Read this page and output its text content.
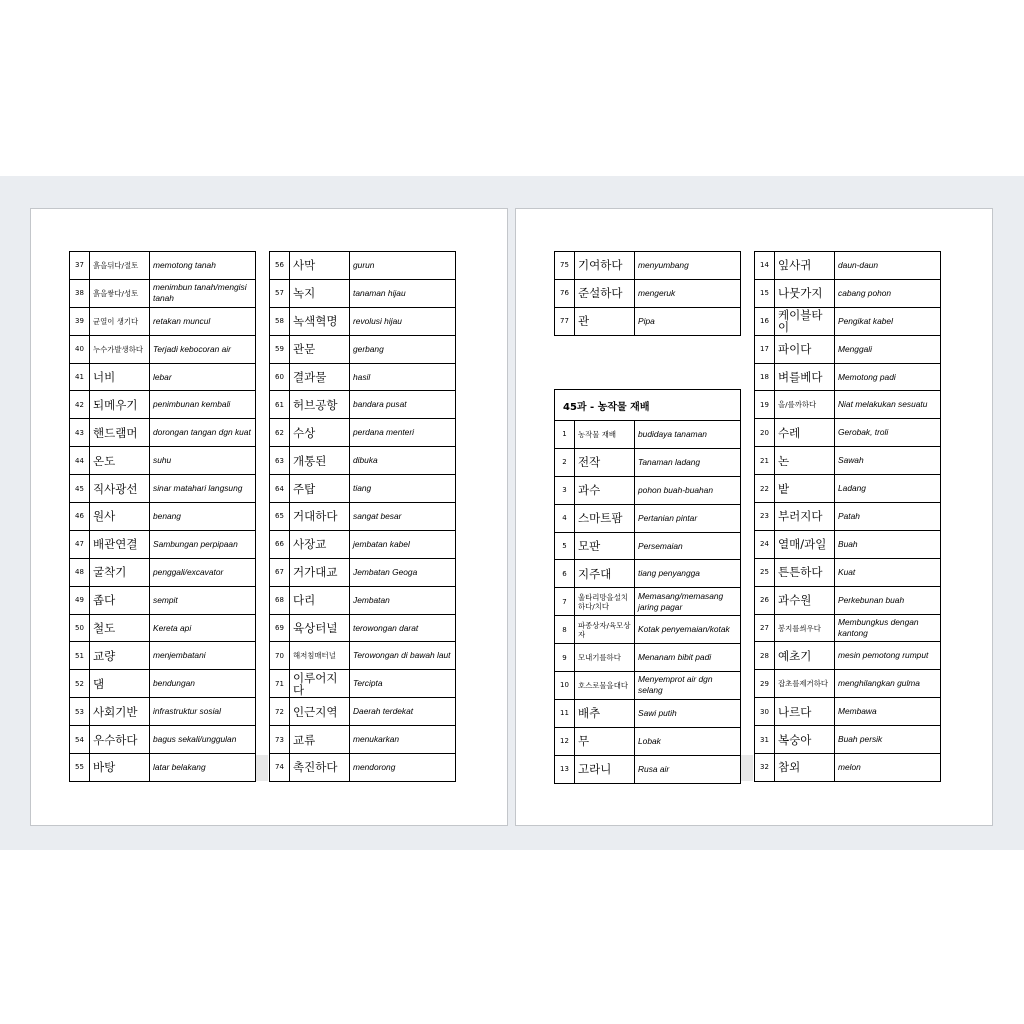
37	흙을뒤다/절토	memotong tanah
38	흙을쌓다/성토	menimbun tanah/mengisi tanah
39	균열이 생기다	retakan muncul
40	누수가발생하다	Terjadi kebocoran air
41	너비	lebar
42	되메우기	penimbunan kembali
43	핸드램머	dorongan tangan dgn kuat
44	온도	suhu
45	직사광선	sinar matahari langsung
46	원사	benang
47	배관연결	Sambungan perpipaan
48	굴착기	penggali/excavator
49	좁다	sempit
50	철도	Kereta api
51	교량	menjembatani
52	댐	bendungan
53	사회기반	infrastruktur sosial
54	우수하다	bagus sekali/unggulan
55	바탕	latar belakang
56	사막	gurun
57	녹지	tanaman hijau
58	녹색혁명	revolusi hijau
59	관문	gerbang
60	결과물	hasil
61	허브공항	bandara pusat
62	수상	perdana menteri
63	개통된	dibuka
64	주탑	tiang
65	거대하다	sangat besar
66	사장교	jembatan kabel
67	거가대교	Jembatan Geoga
68	다리	Jembatan
69	육상터널	terowongan darat
70	해저침매터널	Terowongan di bawah laut
71	이루어지다	Tercipta
72	인근지역	Daerah terdekat
73	교류	menukarkan
74	촉진하다	mendorong
75	기여하다	menyumbang
76	준설하다	mengeruk
77	관	Pipa
45과 - 농작물 재배		
1	농작물 재배	budidaya tanaman
2	전작	Tanaman ladang
3	과수	pohon buah-buahan
4	스마트팜	Pertanian pintar
5	모판	Persemaian
6	지주대	tiang penyangga
7	울타리망을설치하다/치다	Memasang/memasang jaring pagar
8	파종상자/육모상자	Kotak penyemaian/kotak
9	모내기를하다	Menanam bibit padi
10	호스로물을대다	Menyemprot air dgn selang
11	배추	Sawi putih
12	무	Lobak
13	고라니	Rusa air
14	잎사귀	daun-daun
15	나뭇가지	cabang pohon
16	케이블타이	Pengikat kabel
17	파이다	Menggali
18	벼를베다	Memotong padi
19	을/를까하다	Niat melakukan sesuatu
20	수레	Gerobak, troli
21	논	Sawah
22	밭	Ladang
23	부러지다	Patah
24	열매/과일	Buah
25	튼튼하다	Kuat
26	과수원	Perkebunan buah
27	봉지를씌우다	Membungkus dengan kantong
28	예초기	mesin pemotong rumput
29	잡초를제거하다	menghilangkan gulma
30	나르다	Membawa
31	복숭아	Buah persik
32	참외	melon
